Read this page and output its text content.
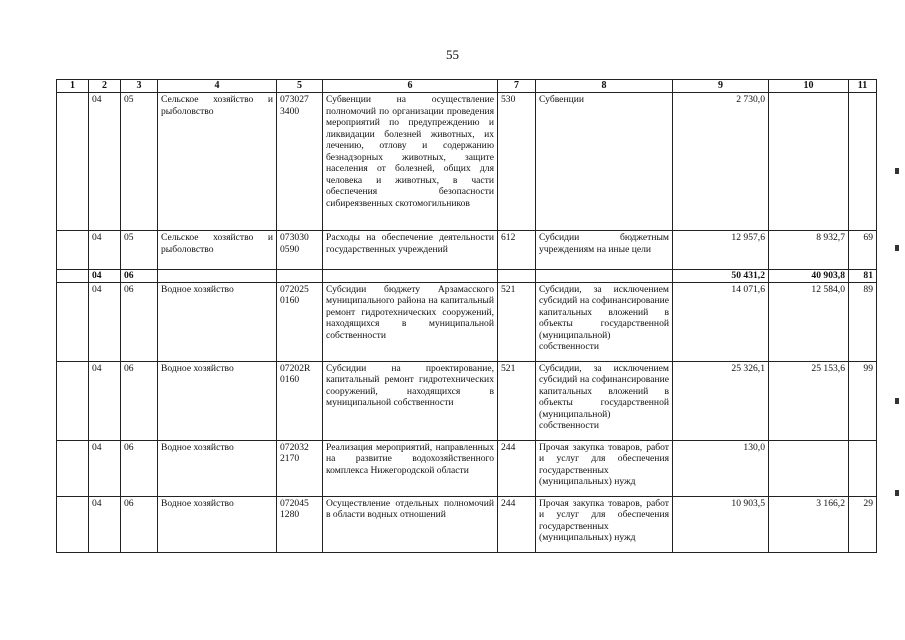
55
1	2	3	4	5	6	7	8	9	10	11
	04	05	Сельское хозяйство и рыболовство	073027 3400	Субвенции на осуществление полномочий по организации проведения мероприятий по предупреждению и ликвидации болезней животных, их лечению, отлову и содержанию безнадзорных животных, защите населения от болезней, общих для человека и животных, в части обеспечения безопасности сибиреязвенных скотомогильников	530	Субвенции	2 730,0		
	04	05	Сельское хозяйство и рыболовство	073030 0590	Расходы на обеспечение деятельности государственных учреждений	612	Субсидии бюджетным учреждениям на иные цели	12 957,6	8 932,7	69
	04	06						50 431,2	40 903,8	81
	04	06	Водное хозяйство	072025 0160	Субсидии бюджету Арзамасского муниципального района на капитальный ремонт гидротехнических сооружений, находящихся в муниципальной собственности	521	Субсидии, за исключением субсидий на софинансирование капитальных вложений в объекты государственной (муниципальной) собственности	14 071,6	12 584,0	89
	04	06	Водное хозяйство	07202R 0160	Субсидии на проектирование, капитальный ремонт гидротехнических сооружений, находящихся в муниципальной собственности	521	Субсидии, за исключением субсидий на софинансирование капитальных вложений в объекты государственной (муниципальной) собственности	25 326,1	25 153,6	99
	04	06	Водное хозяйство	072032 2170	Реализация мероприятий, направленных на развитие водохозяйственного комплекса Нижегородской области	244	Прочая закупка товаров, работ и услуг для обеспечения государственных (муниципальных) нужд	130,0		
	04	06	Водное хозяйство	072045 1280	Осуществление отдельных полномочий в области водных отношений	244	Прочая закупка товаров, работ и услуг для обеспечения государственных (муниципальных) нужд	10 903,5	3 166,2	29
